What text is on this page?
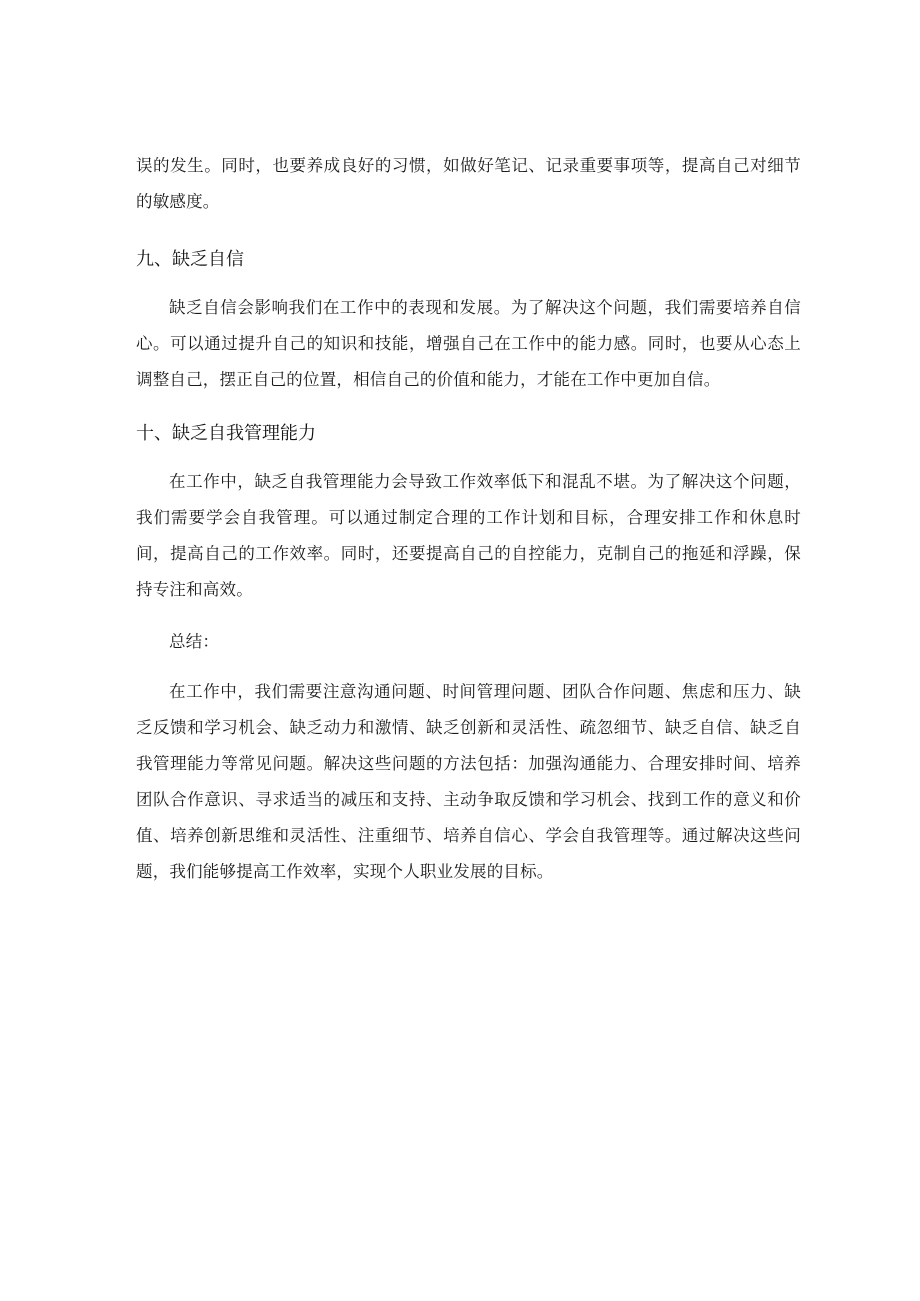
误的发生。同时，也要养成良好的习惯，如做好笔记、记录重要事项等，提高自己对细节的敏感度。

九、缺乏自信

缺乏自信会影响我们在工作中的表现和发展。为了解决这个问题，我们需要培养自信心。可以通过提升自己的知识和技能，增强自己在工作中的能力感。同时，也要从心态上调整自己，摆正自己的位置，相信自己的价值和能力，才能在工作中更加自信。

十、缺乏自我管理能力

在工作中，缺乏自我管理能力会导致工作效率低下和混乱不堪。为了解决这个问题，我们需要学会自我管理。可以通过制定合理的工作计划和目标，合理安排工作和休息时间，提高自己的工作效率。同时，还要提高自己的自控能力，克制自己的拖延和浮躁，保持专注和高效。

总结：

在工作中，我们需要注意沟通问题、时间管理问题、团队合作问题、焦虑和压力、缺乏反馈和学习机会、缺乏动力和激情、缺乏创新和灵活性、疏忽细节、缺乏自信、缺乏自我管理能力等常见问题。解决这些问题的方法包括：加强沟通能力、合理安排时间、培养团队合作意识、寻求适当的减压和支持、主动争取反馈和学习机会、找到工作的意义和价值、培养创新思维和灵活性、注重细节、培养自信心、学会自我管理等。通过解决这些问题，我们能够提高工作效率，实现个人职业发展的目标。
